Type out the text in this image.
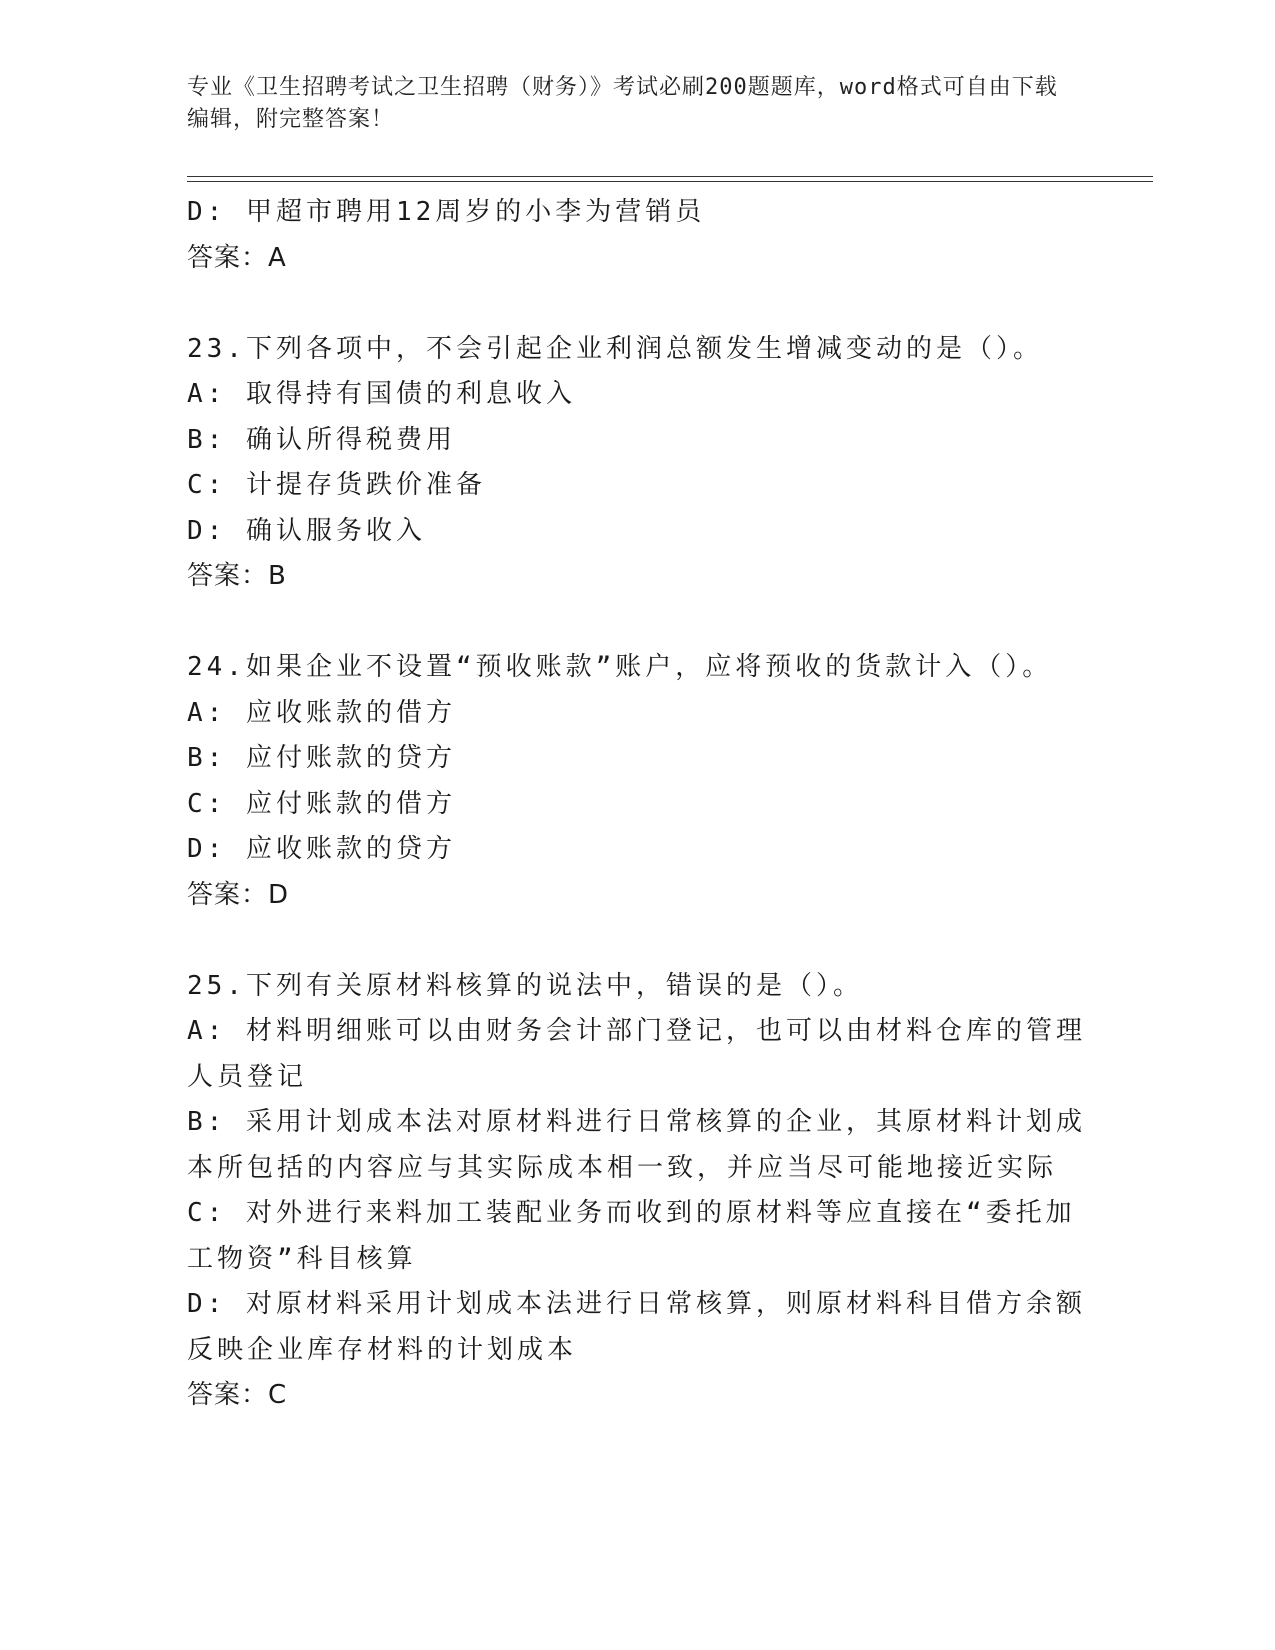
专业《卫生招聘考试之卫生招聘（财务）》考试必刷200题题库，word格式可自由下载编辑，附完整答案！
D: 甲超市聘用12周岁的小李为营销员
答案：A
23.下列各项中，不会引起企业利润总额发生增减变动的是（）。
A: 取得持有国债的利息收入
B: 确认所得税费用
C: 计提存货跌价准备
D: 确认服务收入
答案：B
24.如果企业不设置“预收账款”账户，应将预收的货款计入（）。
A: 应收账款的借方
B: 应付账款的贷方
C: 应付账款的借方
D: 应收账款的贷方
答案：D
25.下列有关原材料核算的说法中，错误的是（）。
A: 材料明细账可以由财务会计部门登记，也可以由材料仓库的管理人员登记
B: 采用计划成本法对原材料进行日常核算的企业，其原材料计划成本所包括的内容应与其实际成本相一致，并应当尽可能地接近实际
C: 对外进行来料加工装配业务而收到的原材料等应直接在“委托加工物资”科目核算
D: 对原材料采用计划成本法进行日常核算，则原材料科目借方余额反映企业库存材料的计划成本
答案：C
